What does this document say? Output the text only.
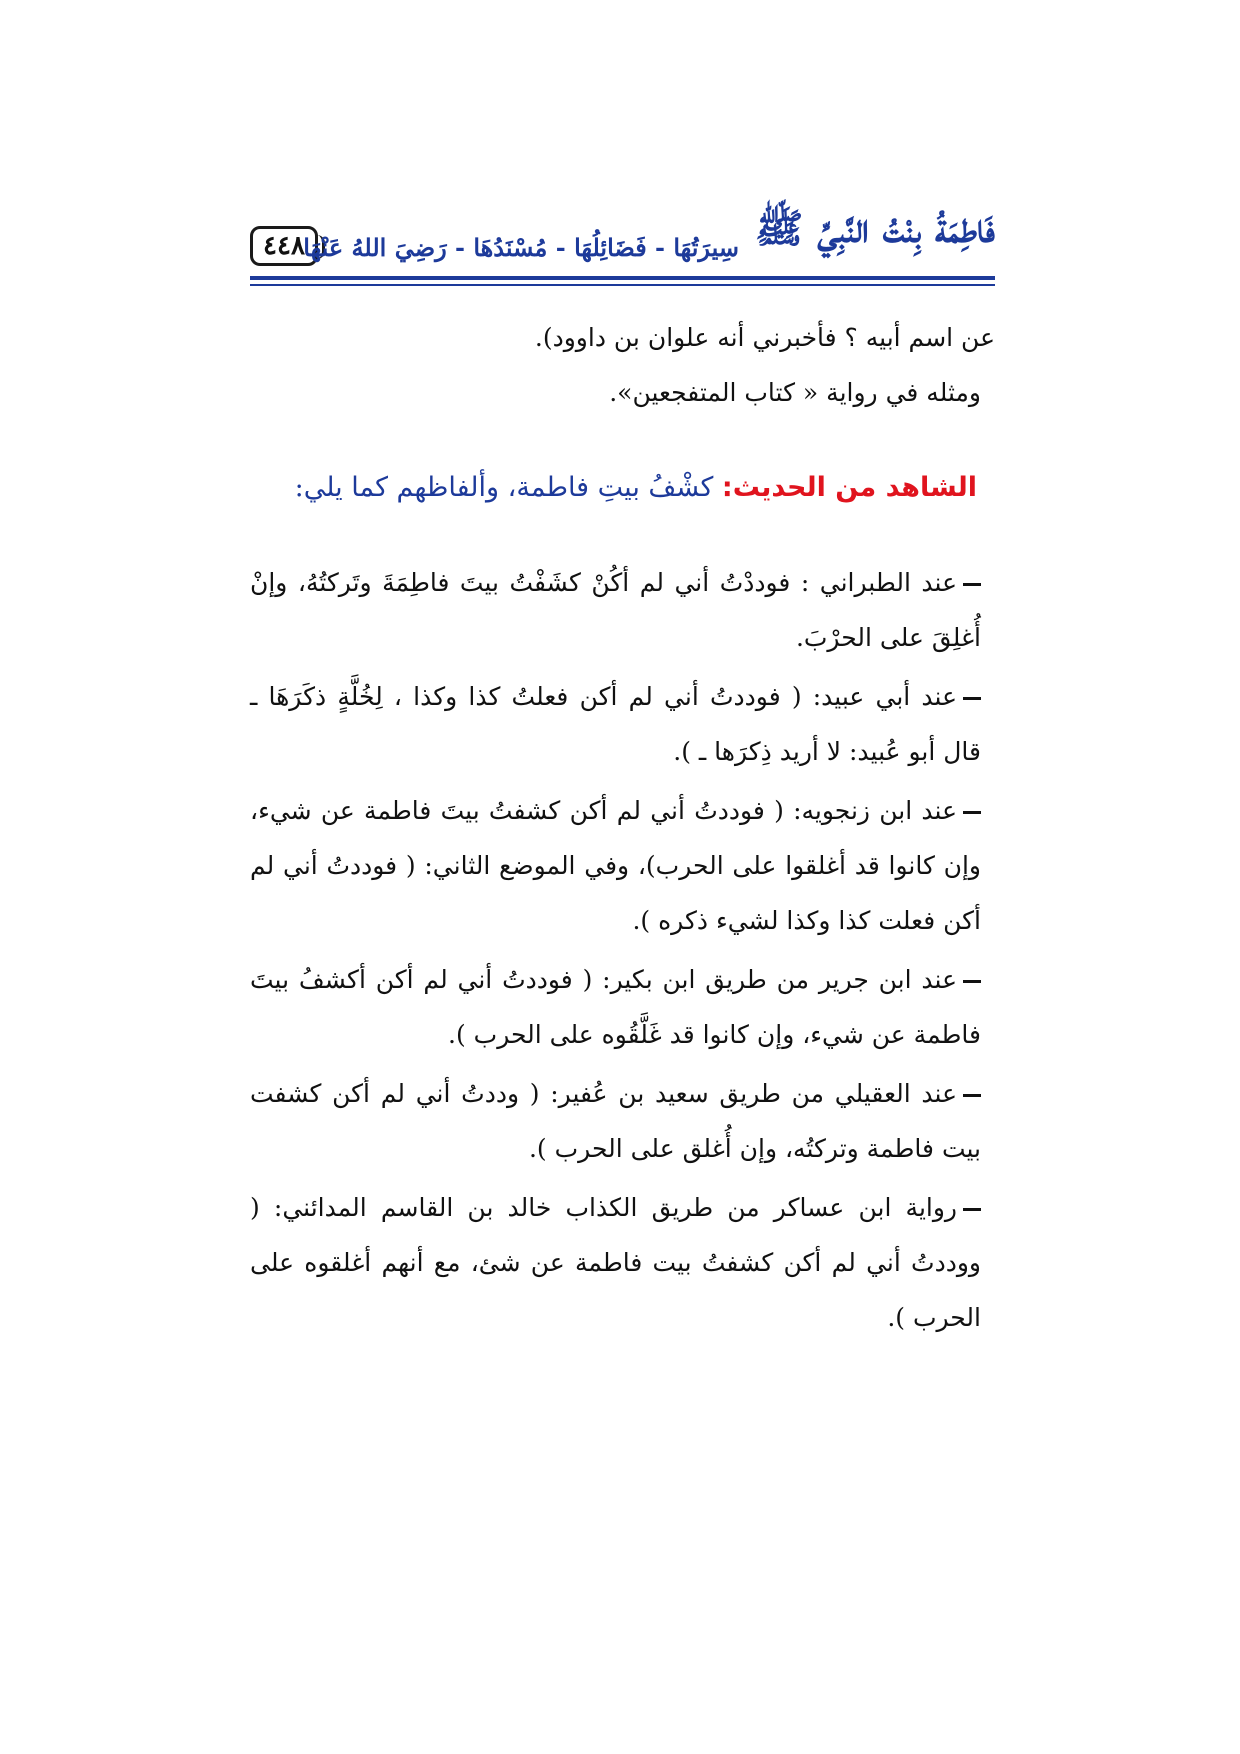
٤٤٨	فَاطِمَةُ بِنْتُ النَّبِيِّ ﷺ
سِيرَتُهَا - فَضَائِلُهَا - مُسْنَدُهَا - رَضِيَ اللهُ عَنْهَا

عن اسم أبيه ؟ فأخبرني أنه علوان بن داوود).

ومثله في رواية « كتاب المتفجعين».

الشاهد من الحديث: كشْفُ بيتِ فاطمة، وألفاظهم كما يلي:

عند الطبراني : فوددْتُ أني لم أكُنْ كشَفْتُ بيتَ فاطِمَةَ وتَركتُهُ، وإنْ أُغلِقَ على الحرْبَ.

عند أبي عبيد: ( فوددتُ أني لم أكن فعلتُ كذا وكذا ، لِخُلَّةٍ ذكَرَهَا ـ قال أبو عُبيد: لا أريد ذِكرَها ـ ).

عند ابن زنجويه: ( فوددتُ أني لم أكن كشفتُ بيتَ فاطمة عن شيء، وإن كانوا قد أغلقوا على الحرب)، وفي الموضع الثاني: ( فوددتُ أني لم أكن فعلت كذا وكذا لشيء ذكره ).

عند ابن جرير من طريق ابن بكير: ( فوددتُ أني لم أكن أكشفُ بيتَ فاطمة عن شيء، وإن كانوا قد غَلَّقُوه على الحرب ).

عند العقيلي من طريق سعيد بن عُفير: ( وددتُ أني لم أكن كشفت بيت فاطمة وتركتُه، وإن أُغلق على الحرب ).

رواية ابن عساكر من طريق الكذاب خالد بن القاسم المدائني: ( ووددتُ أني لم أكن كشفتُ بيت فاطمة عن شئ، مع أنهم أغلقوه على الحرب ).
